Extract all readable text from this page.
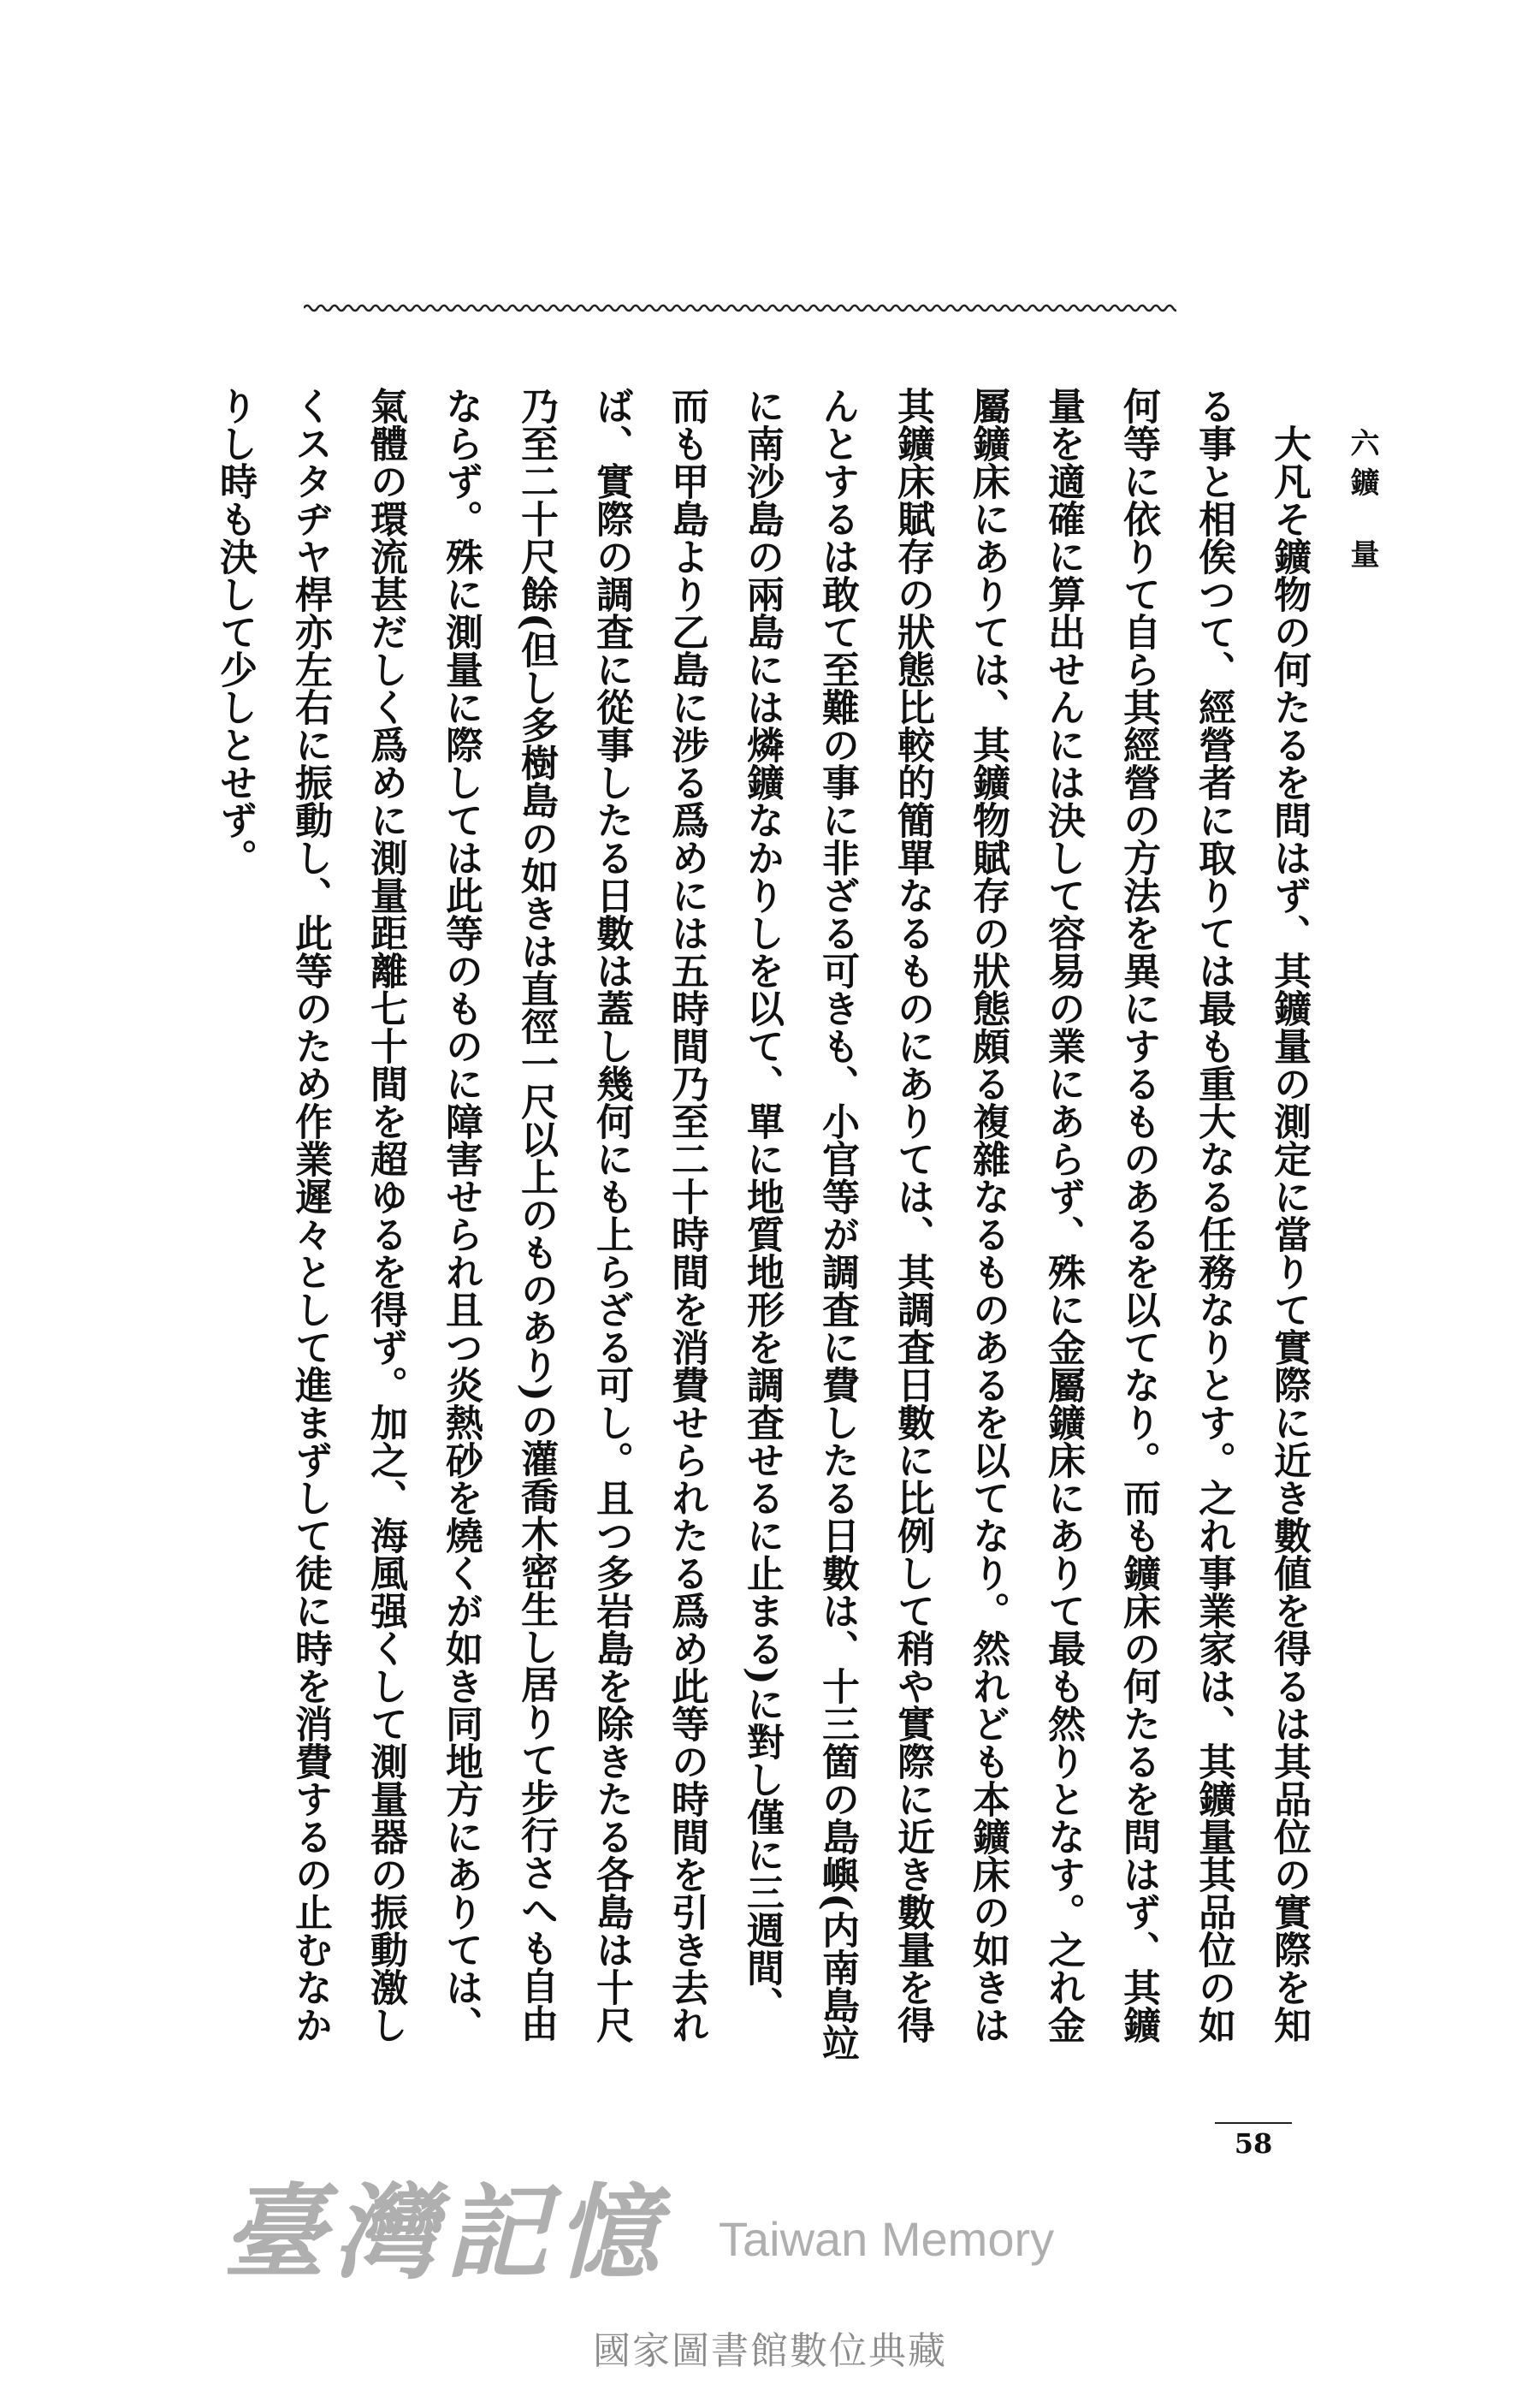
六 鑛量
大凡そ鑛物の何たるを問はず、其鑛量の測定に當りて實際に近き數値を得るは其品位の實際を知
る事と相俟つて、經營者に取りては最も重大なる任務なりとす。之れ事業家は、其鑛量其品位の如
何等に依りて自ら其經營の方法を異にするものあるを以てなり。而も鑛床の何たるを問はず、其鑛
量を適確に算出せんには決して容易の業にあらず、殊に金屬鑛床にありて最も然りとなす。之れ金
屬鑛床にありては、其鑛物賦存の狀態頗る複雜なるものあるを以てなり。然れども本鑛床の如きは
其鑛床賦存の狀態比較的簡單なるものにありては、其調査日數に比例して稍や實際に近き數量を得
んとするは敢て至難の事に非ざる可きも、小官等が調査に費したる日數は、十三箇の島嶼(内南島竝
に南沙島の兩島には燐鑛なかりしを以て、單に地質地形を調査せるに止まる)に對し僅に三週間、
而も甲島より乙島に涉る爲めには五時間乃至二十時間を消費せられたる爲め此等の時間を引き去れ
ば、實際の調査に從事したる日數は蓋し幾何にも上らざる可し。且つ多岩島を除きたる各島は十尺
乃至二十尺餘(但し多樹島の如きは直徑一尺以上のものあり)の灌喬木密生し居りて步行さへも自由
ならず。殊に測量に際しては此等のものに障害せられ且つ炎熱砂を燒くが如き同地方にありては、
氣體の環流甚だしく爲めに測量距離七十間を超ゆるを得ず。加之、海風强くして測量器の振動激し
くスタヂヤ桿亦左右に振動し、此等のため作業遲々として進まずして徒に時を消費するの止むなか
りし時も決して少しとせず。
58
臺灣記憶 Taiwan Memory
國家圖書館數位典藏
